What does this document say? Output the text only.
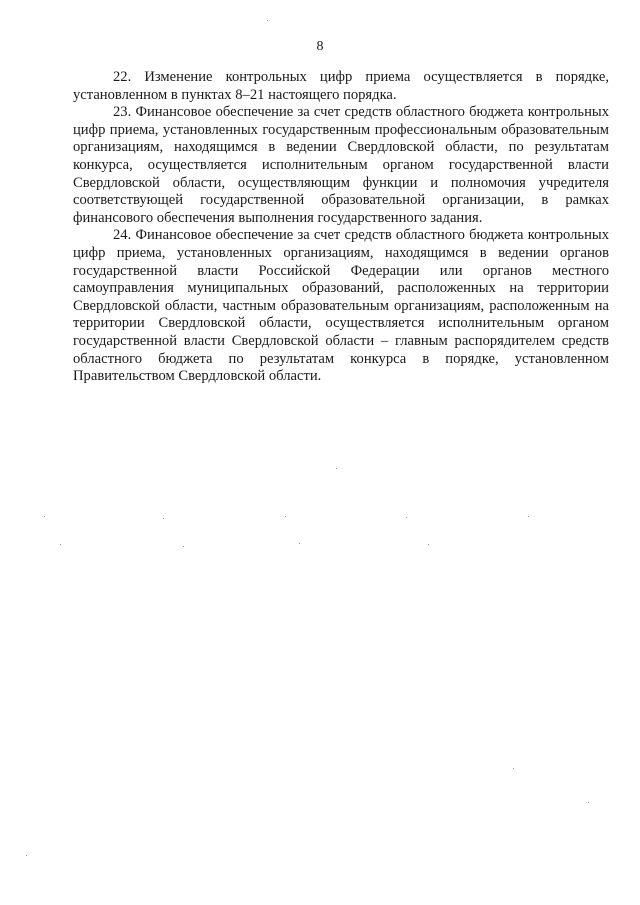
8

22. Изменение контрольных цифр приема осуществляется в порядке, установленном в пунктах 8–21 настоящего порядка.

23. Финансовое обеспечение за счет средств областного бюджета контрольных цифр приема, установленных государственным профессиональным образовательным организациям, находящимся в ведении Свердловской области, по результатам конкурса, осуществляется исполнительным органом государственной власти Свердловской области, осуществляющим функции и полномочия учредителя соответствующей государственной образовательной организации, в рамках финансового обеспечения выполнения государственного задания.

24. Финансовое обеспечение за счет средств областного бюджета контрольных цифр приема, установленных организациям, находящимся в ведении органов государственной власти Российской Федерации или органов местного самоуправления муниципальных образований, расположенных на территории Свердловской области, частным образовательным организациям, расположенным на территории Свердловской области, осуществляется исполнительным органом государственной власти Свердловской области – главным распорядителем средств областного бюджета по результатам конкурса в порядке, установленном Правительством Свердловской области.
